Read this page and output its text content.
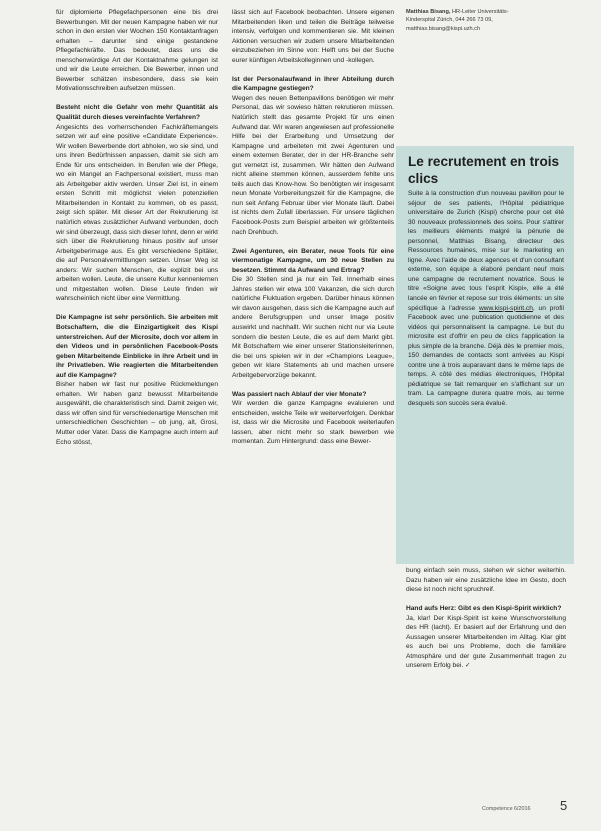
für diplomierte Pflegefachpersonen eine bis drei Bewerbungen. Mit der neuen Kampagne haben wir nur schon in den ersten vier Wochen 150 Kontaktanfragen erhalten – darunter sind einige gestandene Pflegefachkräfte. Das bedeutet, dass uns die menschenwürdige Art der Kontaktnahme gelungen ist und wir die Leute erreichen. Die Bewerber, innen und Bewerber schätzen insbesondere, dass sie kein Motivationsschreiben aufsetzen müssen.

Besteht nicht die Gefahr von mehr Quantität als Qualität durch dieses vereinfachte Verfahren?

Angesichts des vorherrschenden Fachkräftemangels setzen wir auf eine positive «Candidate Experience». Wir wollen Bewerbende dort abholen, wo sie sind, und uns ihren Bedürfnissen anpassen, damit sie sich am Ende für uns entscheiden. In Berufen wie der Pflege, wo ein Mangel an Fachpersonal existiert, muss man als Arbeitgeber aktiv werden. Unser Ziel ist, in einem ersten Schritt mit möglichst vielen potenziellen Mitarbeitenden in Kontakt zu kommen, ob es passt, zeigt sich später. Mit dieser Art der Rekrutierung ist natürlich etwas zusätzlicher Aufwand verbunden, doch wir sind überzeugt, dass sich dieser lohnt, denn er wirkt sich über die Rekrutierung hinaus positiv auf unser Arbeitgeberimage aus. Es gibt verschiedene Spitäler, die auf Personalvermittlungen setzen. Unser Weg ist anders: Wir suchen Menschen, die explizit bei uns arbeiten wollen. Leute, die unsere Kultur kennenlernen und mitgestalten wollen. Diese Leute finden wir wahrscheinlich nicht über eine Vermittlung.

Die Kampagne ist sehr persönlich. Sie arbeiten mit Botschaftern, die die Einzigartigkeit des Kispi unterstreichen. Auf der Microsite, doch vor allem in den Videos und in persönlichen Facebook-Posts geben Mitarbeitende Einblicke in ihre Arbeit und in ihr Privatleben. Wie reagierten die Mitarbeitenden auf die Kampagne?

Bisher haben wir fast nur positive Rückmeldungen erhalten. Wir haben ganz bewusst Mitarbeitende ausgewählt, die charakteristisch sind. Damit zeigen wir, dass wir offen sind für verschiedenartige Menschen mit unterschiedlichen Geschichten – ob jung, alt, Grosi, Mutter oder Vater. Dass die Kampagne auch intern auf Echo stösst,

lässt sich auf Facebook beobachten. Unsere eigenen Mitarbeitenden liken und teilen die Beiträge teilweise intensiv, verfolgen und kommentieren sie. Mit kleinen Aktionen versuchen wir zudem unsere Mitarbeitenden einzubeziehen im Sinne von: Helft uns bei der Suche eurer künftigen Arbeitskolleginnen und -kollegen.

Ist der Personalaufwand in Ihrer Abteilung durch die Kampagne gestiegen?

Wegen des neuen Bettenpavillons benötigen wir mehr Personal, das wir sowieso hätten rekrutieren müssen. Natürlich stellt das gesamte Projekt für uns einen Aufwand dar. Wir waren angewiesen auf professionelle Hilfe bei der Erarbeitung und Umsetzung der Kampagne und arbeiteten mit zwei Agenturen und einem externen Berater, der in der HR-Branche sehr gut vernetzt ist, zusammen. Wir hätten den Aufwand nicht alleine stemmen können, ausserdem fehlte uns teils auch das Know-how. So benötigten wir insgesamt neun Monate Vorbereitungszeit für die Kampagne, die nun seit Anfang Februar über vier Monate läuft. Dabei ist nichts dem Zufall überlassen. Für unsere täglichen Facebook-Posts zum Beispiel arbeiten wir größtenteils nach Drehbuch.

Zwei Agenturen, ein Berater, neue Tools für eine viermonatige Kampagne, um 30 neue Stellen zu besetzen. Stimmt da Aufwand und Ertrag?

Die 30 Stellen sind ja nur ein Teil. Innerhalb eines Jahres stellen wir etwa 100 Vakanzen, die sich durch natürliche Fluktuation ergeben. Darüber hinaus können wir davon ausgehen, dass sich die Kampagne auch auf andere Berufsgruppen und unser Image positiv auswirkt und nachhallt. Wir suchen nicht nur via Leute sondern die besten Leute, die es auf dem Markt gibt. Mit Botschaftern wie einer unserer Stationsleiterinnen, die bei uns spielen wir in der «Champions League», geben wir klare Statements ab und machen unsere Arbeitgebervorzüge bekannt.

Was passiert nach Ablauf der vier Monate?

Wir werden die ganze Kampagne evaluieren und entscheiden, welche Teile wir weiterverfolgen. Denkbar ist, dass wir die Microsite und Facebook weiterlaufen lassen, aber nicht mehr so stark bewerben wie momentan. Zum Hintergrund: dass eine Bewer-

Matthias Bisang, HR-Leiter Universitäts-
Kinderspital Zürich, 044 266 73 09,
matthias.bisang@kispi.uzh.ch

Le recrutement en trois clics

Suite à la construction d'un nouveau pavillon pour le séjour de ses patients, l'Hôpital pédiatrique universitaire de Zurich (Kispi) cherche pour cet été 30 nouveaux professionnels des soins. Pour s'attirer les meilleurs éléments malgré la pénurie de personnel, Matthias Bisang, directeur des Ressources humaines, mise sur le marketing en ligne. Avec l'aide de deux agences et d'un consultant externe, son équipe a élaboré pendant neuf mois une campagne de recrutement novatrice. Sous le titre «Soigne avec tous l'esprit Kispi», elle a été lancée en février et repose sur trois éléments: un site spécifique à l'adresse www.kispi-spirit.ch, un profil Facebook avec une publication quotidienne et des vidéos qui personnalisent la campagne. Le but du microsite est d'offrir en peu de clics l'application la plus simple de la branche. Déjà dès le premier mois, 150 demandes de contacts sont arrivées au Kispi contre une à trois auparavant dans le même laps de temps. A côté des médias électroniques, l'Hôpital pédiatrique se fait remarquer en s'affichant sur un tram. La campagne durera quatre mois, au terme desquels son succès sera évalué.

bung einfach sein muss, stehen wir sicher weiterhin. Dazu haben wir eine zusätzliche Idee im Gesto, doch diese ist noch nicht spruchreif.

Hand aufs Herz: Gibt es den Kispi-Spirit wirklich?

Ja, klar! Der Kispi-Spirit ist keine Wunschvorstellung des HR (lacht). Er basiert auf der Erfahrung und den Aussagen unserer Mitarbeitenden im Alltag. Klar gibt es auch bei uns Probleme, doch die familiäre Atmosphäre und der gute Zusammenhalt tragen zu unserem Erfolg bei. ✓

Competence 6/2016 5
